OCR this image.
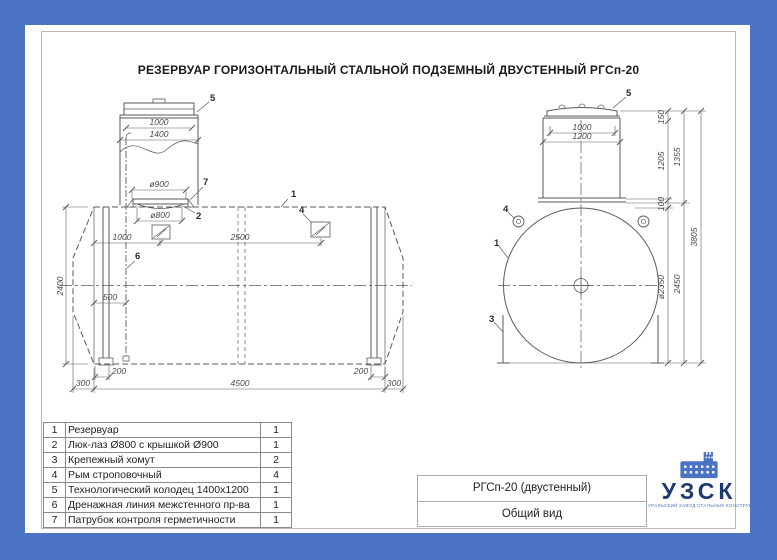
РЕЗЕРВУАР ГОРИЗОНТАЛЬНЫЙ СТАЛЬНОЙ ПОДЗЕМНЫЙ ДВУСТЕННЫЙ РГСп-20
1000
1400
ø900
ø800
1000	2500
500
2400
200	200
300	4500	300
1
2
4
5
6
7
1000
1200
150
1205
100
ø2350
1355
2450
3805
5
4
1
3
1	Резервуар	1
2	Люк-лаз Ø800 с крышкой Ø900	1
3	Крепежный хомут	2
4	Рым строповочный	4
5	Технологический колодец 1400х1200	1
6	Дренажная линия межстенного пр-ва	1
7	Патрубок контроля герметичности	1
РГСп-20 (двустенный)
Общий вид
УЗСК
УРАЛЬСКИЙ ЗАВОД СТАЛЬНЫХ КОНСТРУКЦИЙ
